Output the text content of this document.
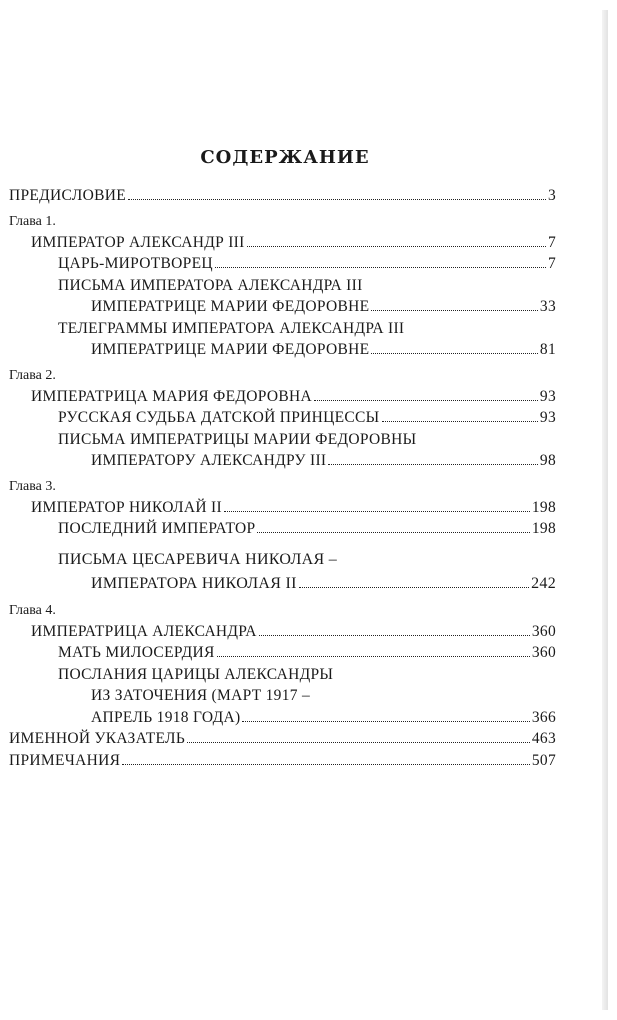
содержание
ПРЕДИСЛОВИЕ	3
Глава 1.
ИМПЕРАТОР АЛЕКСАНДР III	7
ЦАРЬ-МИРОТВОРЕЦ	7
ПИСЬМА ИМПЕРАТОРА АЛЕКСАНДРА III
ИМПЕРАТРИЦЕ МАРИИ ФЕДОРОВНЕ	33
ТЕЛЕГРАММЫ ИМПЕРАТОРА АЛЕКСАНДРА III
ИМПЕРАТРИЦЕ МАРИИ ФЕДОРОВНЕ	81
Глава 2.
ИМПЕРАТРИЦА МАРИЯ ФЕДОРОВНА	93
РУССКАЯ СУДЬБА ДАТСКОЙ ПРИНЦЕССЫ	93
ПИСЬМА ИМПЕРАТРИЦЫ МАРИИ ФЕДОРОВНЫ
ИМПЕРАТОРУ АЛЕКСАНДРУ III	98
Глава 3.
ИМПЕРАТОР НИКОЛАЙ II	198
ПОСЛЕДНИЙ ИМПЕРАТОР	198
ПИСЬМА ЦЕСАРЕВИЧА НИКОЛАЯ –
ИМПЕРАТОРА НИКОЛАЯ II	242
Глава 4.
ИМПЕРАТРИЦА АЛЕКСАНДРА	360
МАТЬ МИЛОСЕРДИЯ	360
ПОСЛАНИЯ ЦАРИЦЫ АЛЕКСАНДРЫ
ИЗ ЗАТОЧЕНИЯ (МАРТ 1917 –
АПРЕЛЬ 1918 ГОДА)	366
ИМЕННОЙ УКАЗАТЕЛЬ	463
ПРИМЕЧАНИЯ	507
